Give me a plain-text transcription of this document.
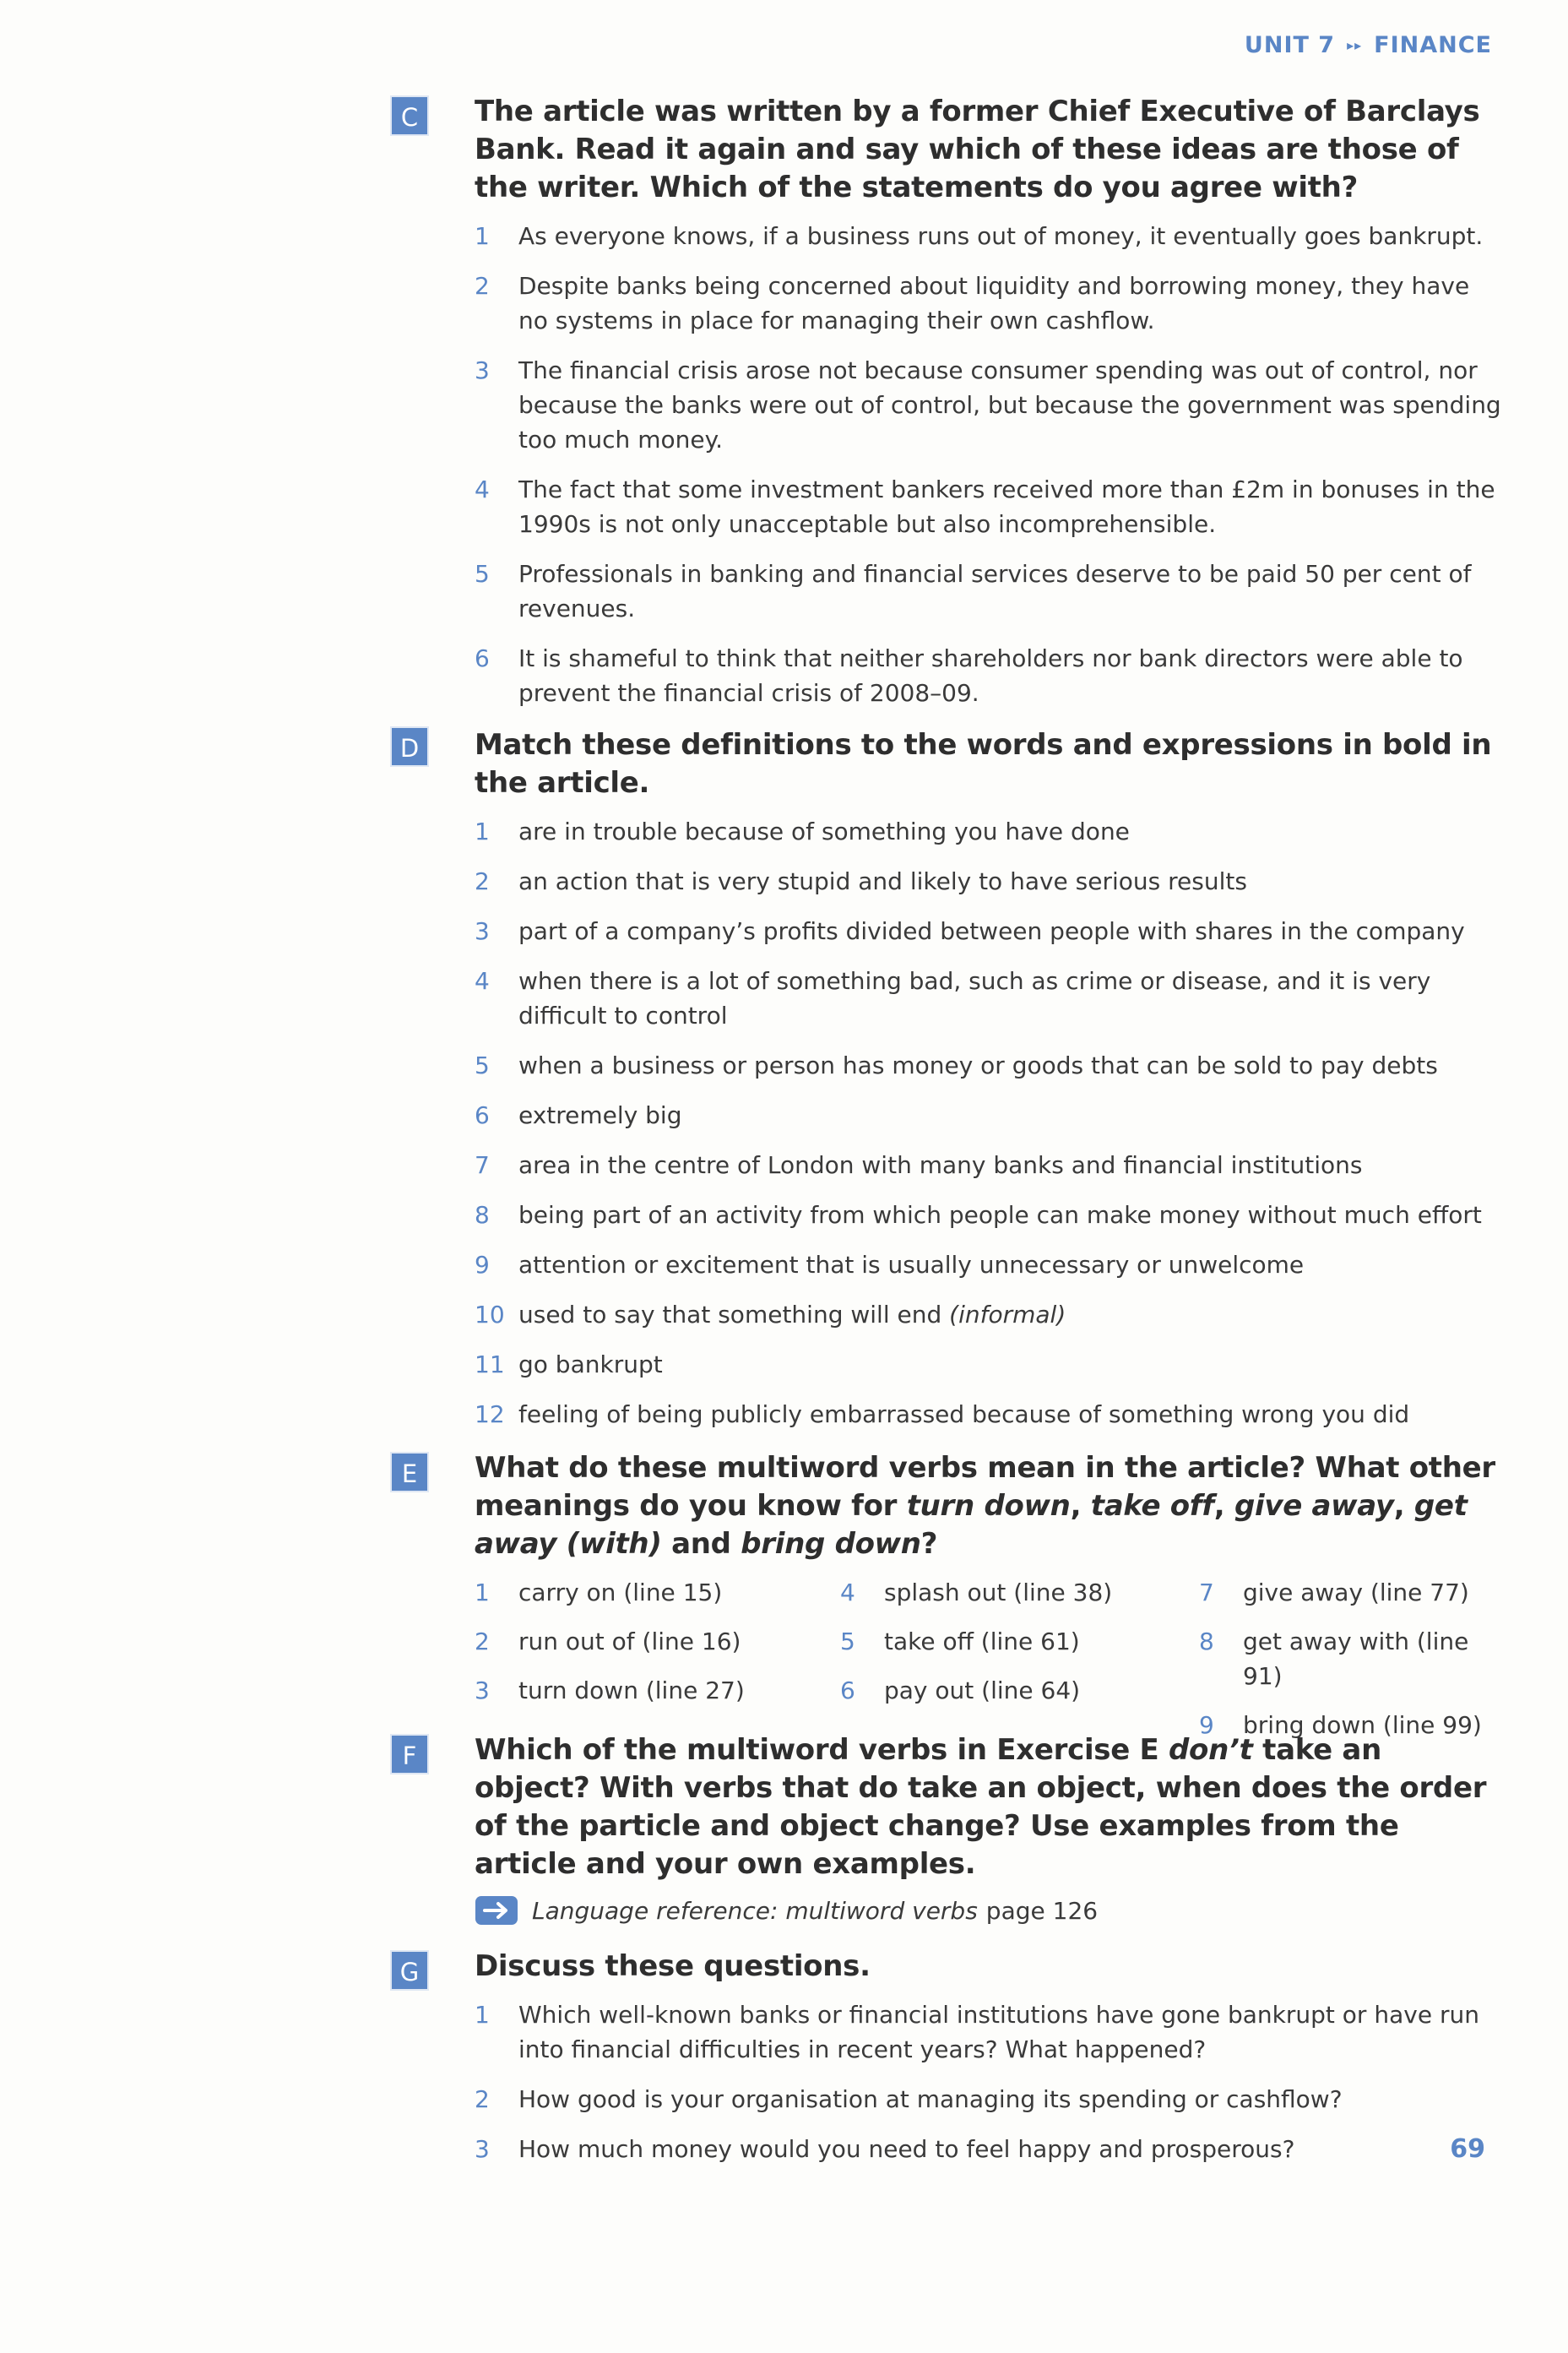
UNIT 7 ▸▸ FINANCE
C	The article was written by a former Chief Executive of Barclays Bank. Read it again and say which of these ideas are those of the writer. Which of the statements do you agree with?
1	As everyone knows, if a business runs out of money, it eventually goes bankrupt.
2	Despite banks being concerned about liquidity and borrowing money, they have no systems in place for managing their own cashflow.
3	The financial crisis arose not because consumer spending was out of control, nor because the banks were out of control, but because the government was spending too much money.
4	The fact that some investment bankers received more than £2m in bonuses in the 1990s is not only unacceptable but also incomprehensible.
5	Professionals in banking and financial services deserve to be paid 50 per cent of revenues.
6	It is shameful to think that neither shareholders nor bank directors were able to prevent the financial crisis of 2008–09.
D	Match these definitions to the words and expressions in bold in the article.
1	are in trouble because of something you have done
2	an action that is very stupid and likely to have serious results
3	part of a company’s profits divided between people with shares in the company
4	when there is a lot of something bad, such as crime or disease, and it is very difficult to control
5	when a business or person has money or goods that can be sold to pay debts
6	extremely big
7	area in the centre of London with many banks and financial institutions
8	being part of an activity from which people can make money without much effort
9	attention or excitement that is usually unnecessary or unwelcome
10 used to say that something will end (informal)
11 go bankrupt
12 feeling of being publicly embarrassed because of something wrong you did
E	What do these multiword verbs mean in the article? What other meanings do you know for turn down, take off, give away, get away (with) and bring down?
1	carry on (line 15)
2	run out of (line 16)
3	turn down (line 27)
4	splash out (line 38)
5	take off (line 61)
6	pay out (line 64)
7	give away (line 77)
8	get away with (line 91)
9	bring down (line 99)
F	Which of the multiword verbs in Exercise E don’t take an object? With verbs that do take an object, when does the order of the particle and object change? Use examples from the article and your own examples.
Language reference: multiword verbs page 126
G	Discuss these questions.
1	Which well-known banks or financial institutions have gone bankrupt or have run into financial difficulties in recent years? What happened?
2	How good is your organisation at managing its spending or cashflow?
3	How much money would you need to feel happy and prosperous?	69
